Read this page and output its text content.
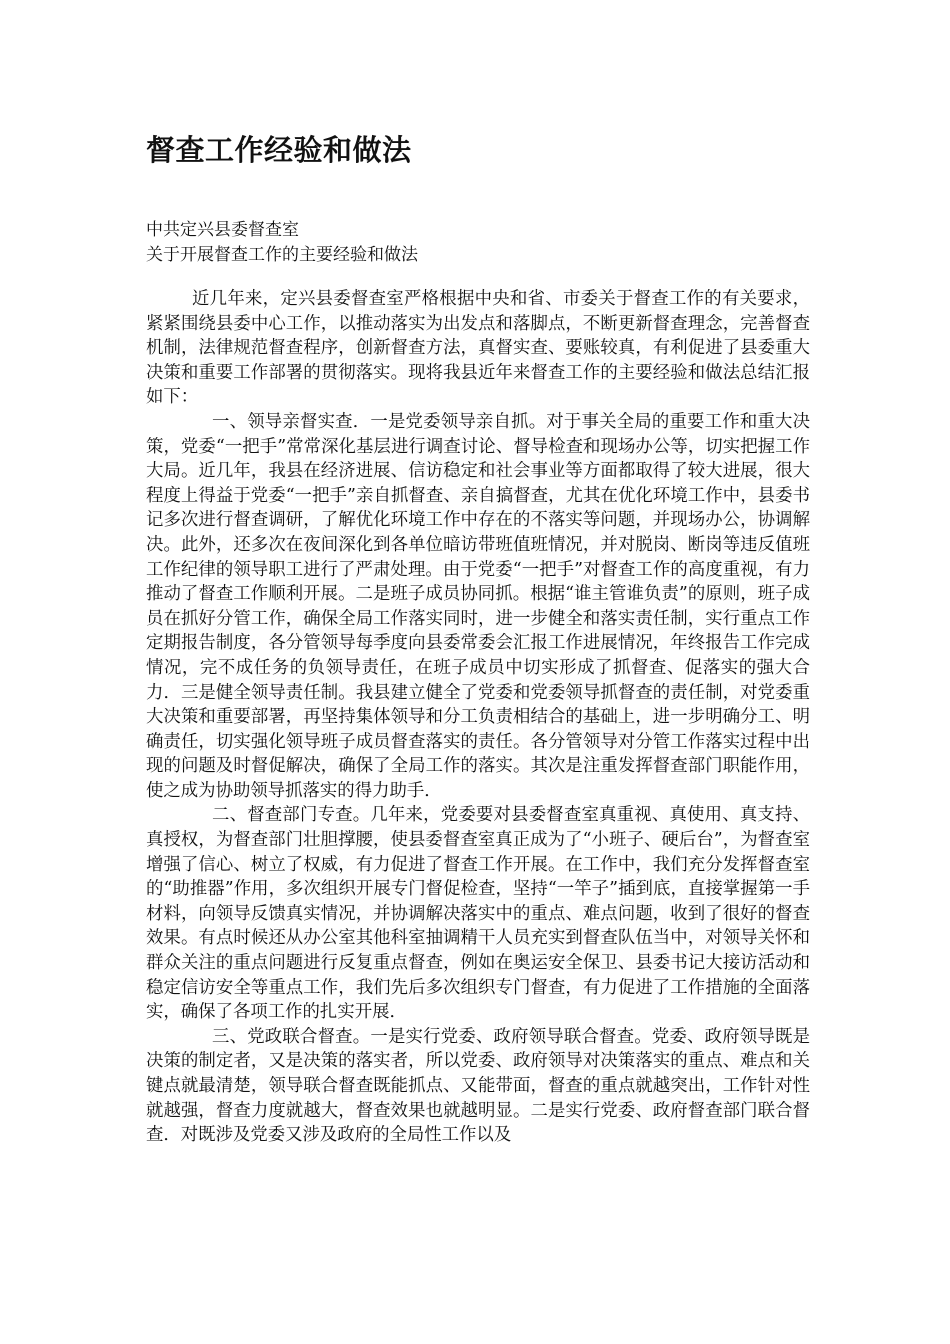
督查工作经验和做法

中共定兴县委督查室

关于开展督查工作的主要经验和做法

近几年来，定兴县委督查室严格根据中央和省、市委关于督查工作的有关要求，紧紧围绕县委中心工作，以推动落实为出发点和落脚点，不断更新督查理念，完善督查机制，法律规范督查程序，创新督查方法，真督实查、要账较真，有利促进了县委重大决策和重要工作部署的贯彻落实。现将我县近年来督查工作的主要经验和做法总结汇报如下：

一、领导亲督实查．一是党委领导亲自抓。对于事关全局的重要工作和重大决策，党委“一把手”常常深化基层进行调查讨论、督导检查和现场办公等，切实把握工作大局。近几年，我县在经济进展、信访稳定和社会事业等方面都取得了较大进展，很大程度上得益于党委“一把手”亲自抓督查、亲自搞督查，尤其在优化环境工作中，县委书记多次进行督查调研，了解优化环境工作中存在的不落实等问题，并现场办公，协调解决。此外，还多次在夜间深化到各单位暗访带班值班情况，并对脱岗、断岗等违反值班工作纪律的领导职工进行了严肃处理。由于党委“一把手”对督查工作的高度重视，有力推动了督查工作顺利开展。二是班子成员协同抓。根据“谁主管谁负责”的原则，班子成员在抓好分管工作，确保全局工作落实同时，进一步健全和落实责任制，实行重点工作定期报告制度，各分管领导每季度向县委常委会汇报工作进展情况，年终报告工作完成情况，完不成任务的负领导责任，在班子成员中切实形成了抓督查、促落实的强大合力．三是健全领导责任制。我县建立健全了党委和党委领导抓督查的责任制，对党委重大决策和重要部署，再坚持集体领导和分工负责相结合的基础上，进一步明确分工、明确责任，切实强化领导班子成员督查落实的责任。各分管领导对分管工作落实过程中出现的问题及时督促解决，确保了全局工作的落实。其次是注重发挥督查部门职能作用，使之成为协助领导抓落实的得力助手．

二、督查部门专查。几年来，党委要对县委督查室真重视、真使用、真支持、真授权，为督查部门壮胆撑腰，使县委督查室真正成为了“小班子、硬后台”，为督查室增强了信心、树立了权威，有力促进了督查工作开展。在工作中，我们充分发挥督查室的“助推器”作用，多次组织开展专门督促检查，坚持“一竿子”插到底，直接掌握第一手材料，向领导反馈真实情况，并协调解决落实中的重点、难点问题，收到了很好的督查效果。有点时候还从办公室其他科室抽调精干人员充实到督查队伍当中，对领导关怀和群众关注的重点问题进行反复重点督查，例如在奥运安全保卫、县委书记大接访活动和稳定信访安全等重点工作，我们先后多次组织专门督查，有力促进了工作措施的全面落实，确保了各项工作的扎实开展．

三、党政联合督查。一是实行党委、政府领导联合督查。党委、政府领导既是决策的制定者，又是决策的落实者，所以党委、政府领导对决策落实的重点、难点和关键点就最清楚，领导联合督查既能抓点、又能带面，督查的重点就越突出，工作针对性就越强，督查力度就越大，督查效果也就越明显。二是实行党委、政府督查部门联合督查．对既涉及党委又涉及政府的全局性工作以及
